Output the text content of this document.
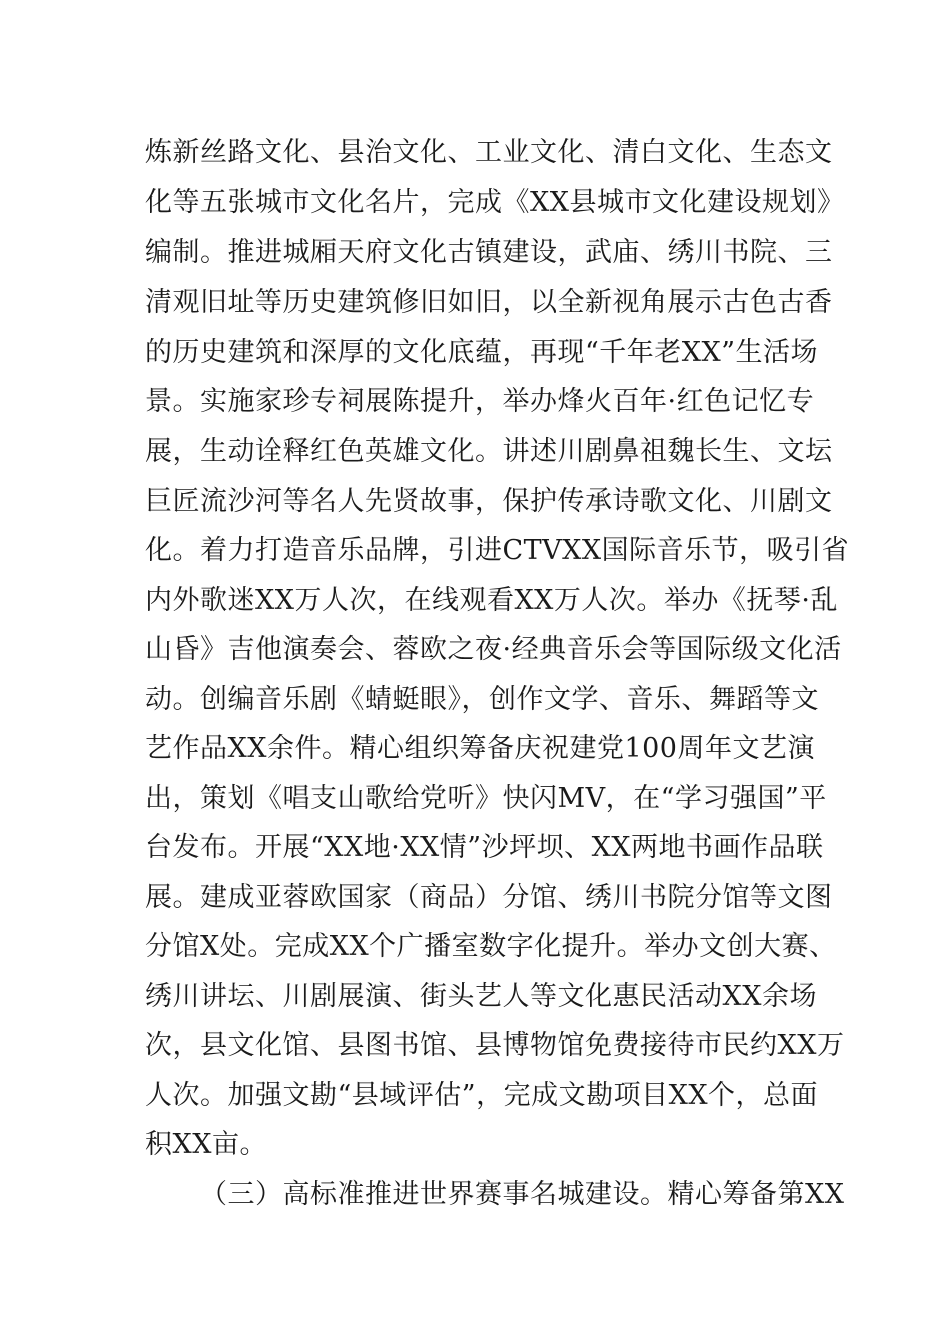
炼新丝路文化、县治文化、工业文化、清白文化、生态文
化等五张城市文化名片，完成《XX县城市文化建设规划》
编制。推进城厢天府文化古镇建设，武庙、绣川书院、三
清观旧址等历史建筑修旧如旧，以全新视角展示古色古香
的历史建筑和深厚的文化底蕴，再现“千年老XX”生活场
景。实施家珍专祠展陈提升，举办烽火百年·红色记忆专
展，生动诠释红色英雄文化。讲述川剧鼻祖魏长生、文坛
巨匠流沙河等名人先贤故事，保护传承诗歌文化、川剧文
化。着力打造音乐品牌，引进CTVXX国际音乐节，吸引省
内外歌迷XX万人次，在线观看XX万人次。举办《抚琴·乱
山昏》吉他演奏会、蓉欧之夜·经典音乐会等国际级文化活
动。创编音乐剧《蜻蜓眼》，创作文学、音乐、舞蹈等文
艺作品XX余件。精心组织筹备庆祝建党100周年文艺演
出，策划《唱支山歌给党听》快闪MV，在“学习强国”平
台发布。开展“XX地·XX情”沙坪坝、XX两地书画作品联
展。建成亚蓉欧国家（商品）分馆、绣川书院分馆等文图
分馆X处。完成XX个广播室数字化提升。举办文创大赛、
绣川讲坛、川剧展演、街头艺人等文化惠民活动XX余场
次，县文化馆、县图书馆、县博物馆免费接待市民约XX万
人次。加强文勘“县域评估”，完成文勘项目XX个，总面
积XX亩。
（三）高标准推进世界赛事名城建设。精心筹备第XX
